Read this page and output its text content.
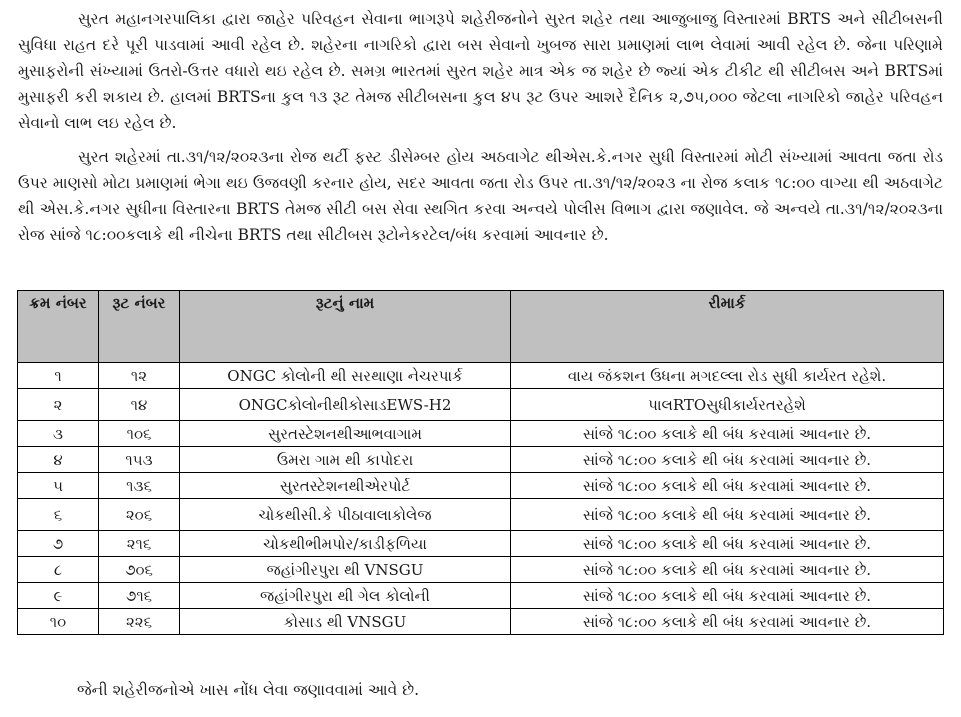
સુરત મહાનગરપાલિકા દ્વારા જાહેર પરિવહન સેવાના ભાગરૂપે શહેરીજનોને સુરત શહેર તથા આજુબાજુ વિસ્તારમાં BRTS અને સીટીબસની સુવિધા રાહત દરે પૂરી પાડવામાં આવી રહેલ છે. શહેરના નાગરિકો દ્વારા બસ સેવાનો ખુબજ સારા પ્રમાણમાં લાભ લેવામાં આવી રહેલ છે. જેના પરિણામે મુસાફરોની સંખ્યામાં ઉતરો-ઉત્તર વધારો થઇ રહેલ છે. સમગ્ર ભારતમાં સુરત શહેર માત્ર એક જ શહેર છે જ્યાં એક ટીકીટ થી સીટીબસ અને BRTSમાં મુસાફરી કરી શકાય છે. હાલમાં BRTSના કુલ ૧૩ રૂટ તેમજ સીટીબસના કુલ ૪૫ રૂટ ઉપર આશરે દૈનિક ૨,૭૫,૦૦૦ જેટલા નાગરિકો જાહેર પરિવહન સેવાનો લાભ લઇ રહેલ છે.

સુરત શહેરમાં તા.૩૧/૧૨/૨૦૨૩ના રોજ થર્ટી ફસ્ટ ડીસેમ્બર હોય અઠવાગેટ થીએસ.કે.નગર સુધી વિસ્તારમાં મોટી સંખ્યામાં આવતા જતા રોડ ઉપર માણસો મોટા પ્રમાણમાં ભેગા થઇ ઉજવણી કરનાર હોય, સદર આવતા જતા રોડ ઉપર તા.૩૧/૧૨/૨૦૨૩ ના રોજ કલાક ૧૮:૦૦ વાગ્યા થી અઠવાગેટ થી એસ.કે.નગર સુધીના વિસ્તારના BRTS તેમજ સીટી બસ સેવા સ્થગિત કરવા અન્વયે પોલીસ વિભાગ દ્વારા જણાવેલ. જે અન્વયે તા.૩૧/૧૨/૨૦૨૩ના રોજ સાંજે ૧૮:૦૦કલાકે થી નીચેના BRTS તથા સીટીબસ રૂટોનેકરટેલ/બંધ કરવામાં આવનાર છે.

ક્રમ નંબર	રૂટ નંબર	રૂટનું નામ	રીમાર્ક
૧	૧૨	ONGC કોલોની થી સરથાણા નેચરપાર્ક	વાય જંકશન ઉધના મગદલ્લા રોડ સુધી કાર્યરત રહેશે.
૨	૧૪	ONGCકોલોનીથીકોસાડEWS-H2	પાલRTOસુધીકાર્યરતરહેશે
૩	૧૦૬	સુરતસ્ટેશનથીઆભવાગામ	સાંજે ૧૮:૦૦ કલાકે થી બંધ કરવામાં આવનાર છે.
૪	૧૫૩	ઉમરા ગામ થી કાપોદરા	સાંજે ૧૮:૦૦ કલાકે થી બંધ કરવામાં આવનાર છે.
૫	૧૩૬	સુરતસ્ટેશનથીએરપોર્ટ	સાંજે ૧૮:૦૦ કલાકે થી બંધ કરવામાં આવનાર છે.
૬	૨૦૬	ચોકથીસી.કે પીઠાવાલાકોલેજ	સાંજે ૧૮:૦૦ કલાકે થી બંધ કરવામાં આવનાર છે.
૭	૨૧૬	ચોકથીભીમપોર/કાડીફળિયા	સાંજે ૧૮:૦૦ કલાકે થી બંધ કરવામાં આવનાર છે.
૮	૭૦૬	જહાંગીરપુરા થી VNSGU	સાંજે ૧૮:૦૦ કલાકે થી બંધ કરવામાં આવનાર છે.
૯	૭૧૬	જહાંગીરપુરા થી ગેલ કોલોની	સાંજે ૧૮:૦૦ કલાકે થી બંધ કરવામાં આવનાર છે.
૧૦	૨૨૬	કોસાડ થી VNSGU	સાંજે ૧૮:૦૦ કલાકે થી બંધ કરવામાં આવનાર છે.

જેની શહેરીજનોએ ખાસ નોંધ લેવા જણાવવામાં આવે છે.
